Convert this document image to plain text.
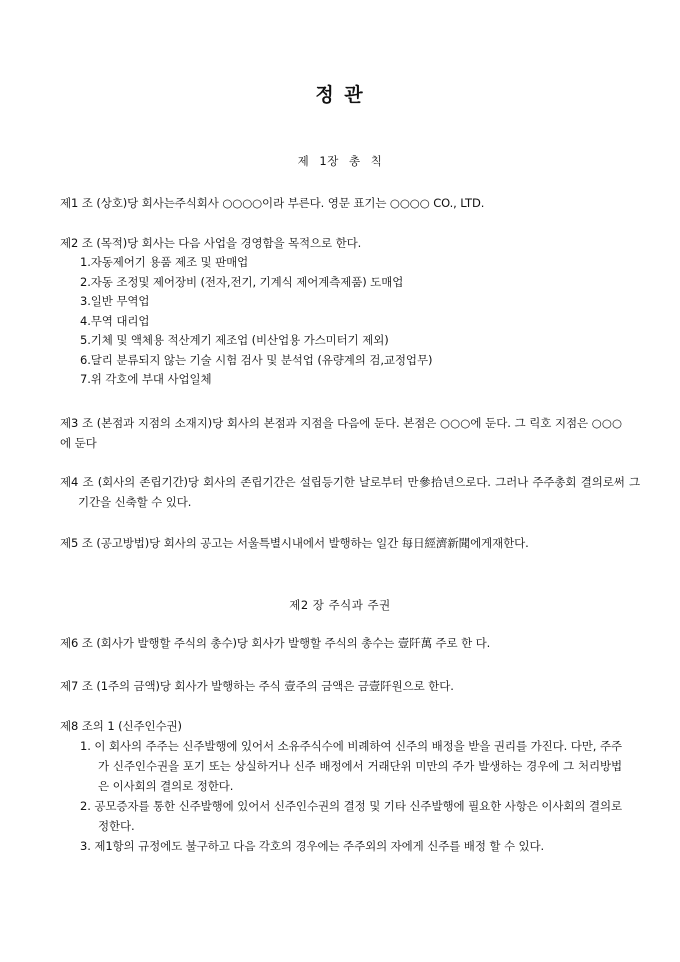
정 관
제 1장 총 칙
제1 조 (상호)당 회사는주식회사 ○○○○이라 부른다. 영문 표기는 ○○○○ CO., LTD.
제2 조 (목적)당 회사는 다음 사업을 경영함을 목적으로 한다.
1.자동제어기 용품 제조 및 판매업
2.자동 조정및 제어장비 (전자,전기, 기계식 제어계측제품) 도매업
3.일반 무역업
4.무역 대리업
5.기체 및 액체용 적산계기 제조업 (비산업용 가스미터기 제외)
6.달리 분류되지 않는 기술 시험 검사 및 분석업 (유량계의 검,교정업무)
7.위 각호에 부대 사업일체
제3 조 (본점과 지점의 소재지)당 회사의 본점과 지점을 다음에 둔다. 본점은 ○○○에 둔다. 그 릭호 지점은 ○○○에 둔다
제4 조 (회사의 존립기간)당 회사의 존립기간은 설립등기한 날로부터 만參拾년으로다. 그러나 주주총회 결의로써 그 기간을 신축할 수 있다.
제5 조 (공고방법)당 회사의 공고는 서울특별시내에서 발행하는 일간 每日經濟新聞에게재한다.
제2 장 주식과 주권
제6 조 (회사가 발행할 주식의 총수)당 회사가 발행할 주식의 총수는 壹阡萬 주로 한 다.
제7 조 (1주의 금액)당 회사가 발행하는 주식 壹주의 금액은 금壹阡원으로 한다.
제8 조의 1 (신주인수권)
1. 이 회사의 주주는 신주발행에 있어서 소유주식수에 비례하여 신주의 배정을 받을 권리를 가진다. 다만, 주주가 신주인수권을 포기 또는 상실하거나 신주 배정에서 거래단위 미만의 주가 발생하는 경우에 그 처리방법은 이사회의 결의로 정한다.
2. 공모증자를 통한 신주발행에 있어서 신주인수권의 결정 및 기타 신주발행에 필요한 사항은 이사회의 결의로 정한다.
3. 제1항의 규정에도 불구하고 다음 각호의 경우에는 주주외의 자에게 신주를 배정 할 수 있다.
